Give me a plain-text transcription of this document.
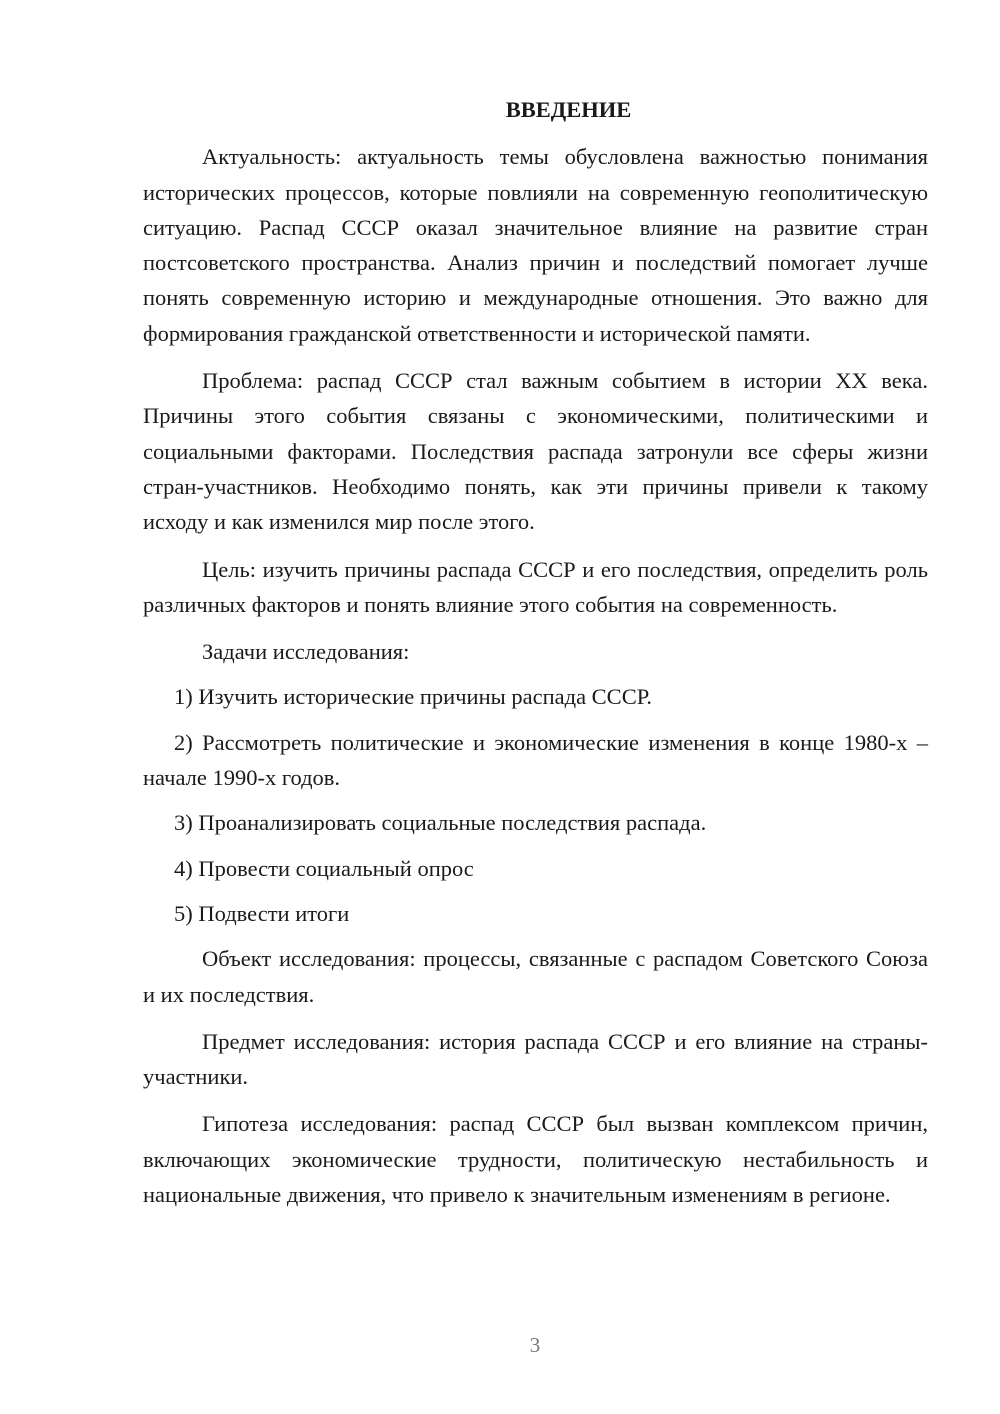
ВВЕДЕНИЕ

Актуальность: актуальность темы обусловлена важностью понимания исторических процессов, которые повлияли на современную геополитическую ситуацию. Распад СССР оказал значительное влияние на развитие стран постсоветского пространства. Анализ причин и последствий помогает лучше понять современную историю и международные отношения. Это важно для формирования гражданской ответственности и исторической памяти.

Проблема: распад СССР стал важным событием в истории XX века. Причины этого события связаны с экономическими, политическими и социальными факторами. Последствия распада затронули все сферы жизни стран-участников. Необходимо понять, как эти причины привели к такому исходу и как изменился мир после этого.

Цель: изучить причины распада СССР и его последствия, определить роль различных факторов и понять влияние этого события на современность.

Задачи исследования:

1) Изучить исторические причины распада СССР.

2) Рассмотреть политические и экономические изменения в конце 1980-х – начале 1990-х годов.

3) Проанализировать социальные последствия распада.

4) Провести социальный опрос

5) Подвести итоги

Объект исследования: процессы, связанные с распадом Советского Союза и их последствия.

Предмет исследования: история распада СССР и его влияние на страны-участники.

Гипотеза исследования: распад СССР был вызван комплексом причин, включающих экономические трудности, политическую нестабильность и национальные движения, что привело к значительным изменениям в регионе.

3
